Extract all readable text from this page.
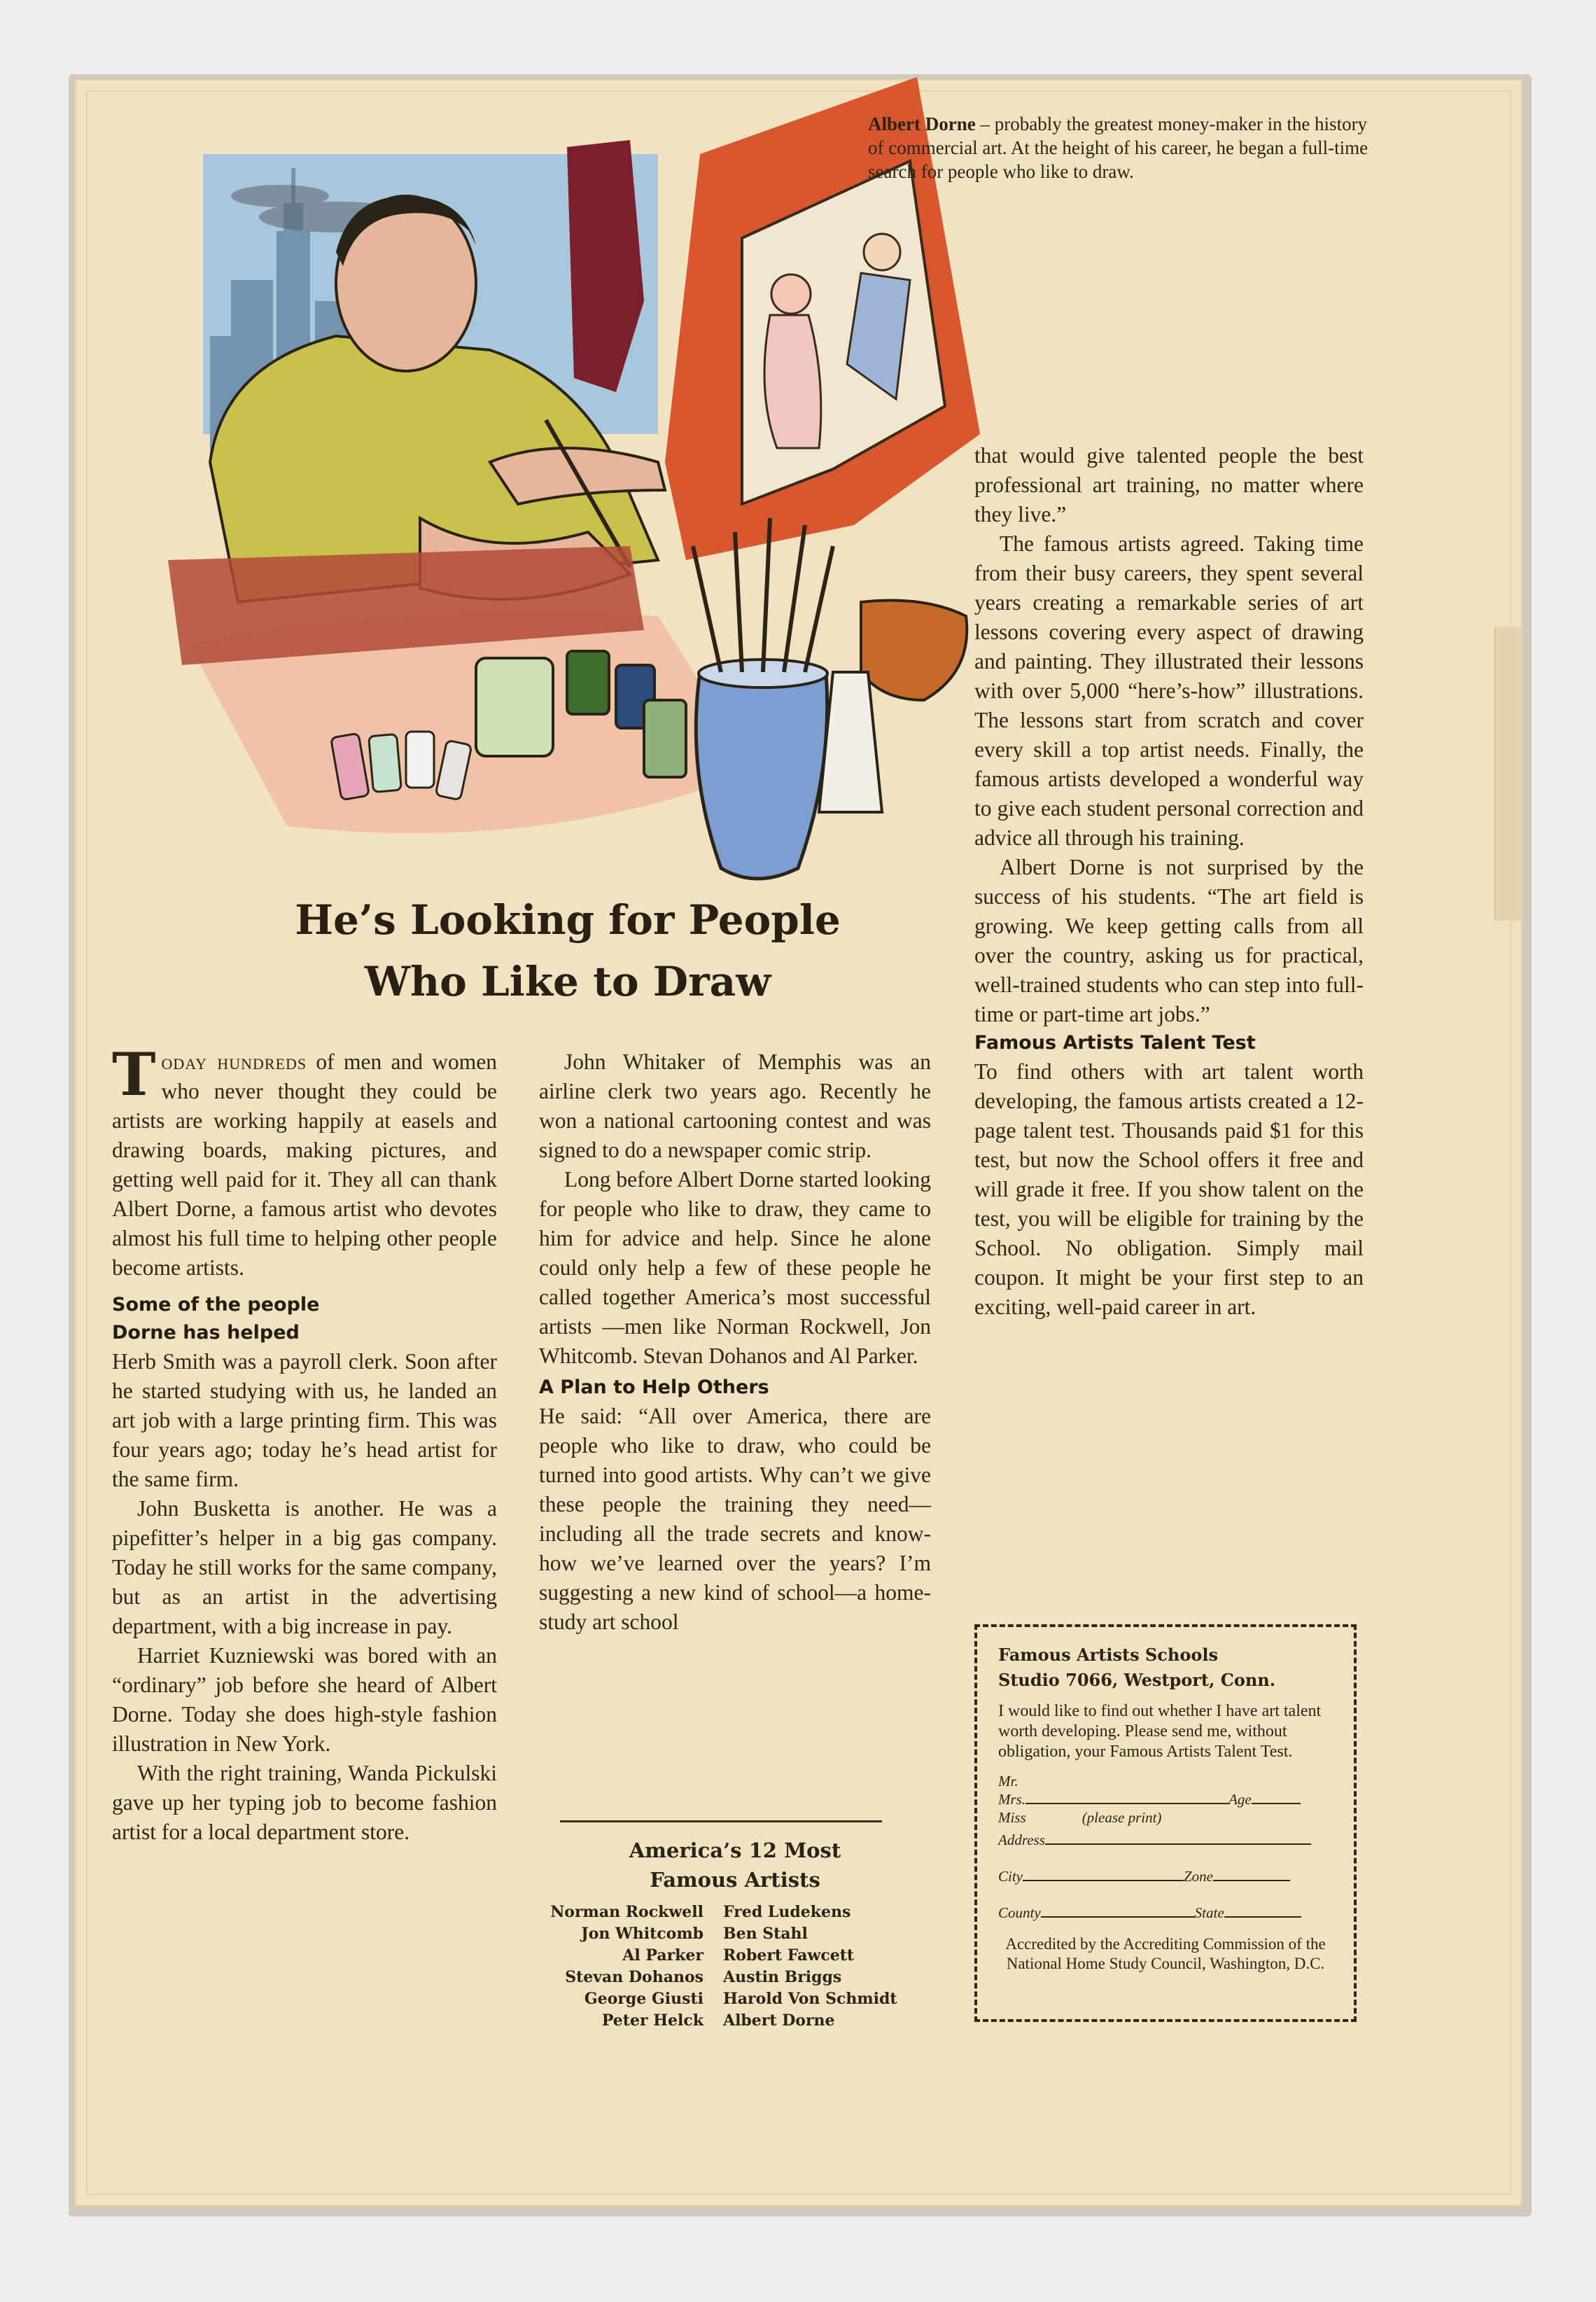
Albert Dorne – probably the greatest money-maker in the history of commercial art. At the height of his career, he began a full-time search for people who like to draw.
He’s Looking for People
Who Like to Draw

Today hundreds of men and women who never thought they could be artists are working happily at easels and drawing boards, making pictures, and getting well paid for it. They all can thank Albert Dorne, a famous artist who devotes almost his full time to helping other people become artists.

Some of the people
Dorne has helped

Herb Smith was a payroll clerk. Soon after he started studying with us, he landed an art job with a large printing firm. This was four years ago; today he’s head artist for the same firm.

John Busketta is another. He was a pipefitter’s helper in a big gas company. Today he still works for the same company, but as an artist in the advertising department, with a big increase in pay.

Harriet Kuzniewski was bored with an “ordinary” job before she heard of Albert Dorne. Today she does high-style fashion illustration in New York.

With the right training, Wanda Pickulski gave up her typing job to become fashion artist for a local department store.

John Whitaker of Memphis was an airline clerk two years ago. Recently he won a national cartooning contest and was signed to do a newspaper comic strip.

Long before Albert Dorne started looking for people who like to draw, they came to him for advice and help. Since he alone could only help a few of these people he called together America’s most successful artists —men like Norman Rockwell, Jon Whitcomb. Stevan Dohanos and Al Parker.

A Plan to Help Others

He said: “All over America, there are people who like to draw, who could be turned into good artists. Why can’t we give these people the training they need—including all the trade secrets and know-how we’ve learned over the years? I’m suggesting a new kind of school—a home-study art school

America’s 12 Most
Famous Artists
Norman Rockwell	Fred Ludekens
Jon Whitcomb	Ben Stahl
Al Parker	Robert Fawcett
Stevan Dohanos	Austin Briggs
George Giusti	Harold Von Schmidt
Peter Helck	Albert Dorne

that would give talented people the best professional art training, no matter where they live.”

The famous artists agreed. Taking time from their busy careers, they spent several years creating a remarkable series of art lessons covering every aspect of drawing and painting. They illustrated their lessons with over 5,000 “here’s-how” illustrations. The lessons start from scratch and cover every skill a top artist needs. Finally, the famous artists developed a wonderful way to give each student personal correction and advice all through his training.

Albert Dorne is not surprised by the success of his students. “The art field is growing. We keep getting calls from all over the country, asking us for practical, well-trained students who can step into full-time or part-time art jobs.”

Famous Artists Talent Test

To find others with art talent worth developing, the famous artists created a 12-page talent test. Thousands paid $1 for this test, but now the School offers it free and will grade it free. If you show talent on the test, you will be eligible for training by the School. No obligation. Simply mail coupon. It might be your first step to an exciting, well-paid career in art.

Famous Artists Schools
Studio 7066, Westport, Conn.
I would like to find out whether I have art talent worth developing. Please send me, without obligation, your Famous Artists Talent Test.
Mr.
Mrs.	Age
Miss	(please print)
Address
City	Zone
County	State
Accredited by the Accrediting Commission of the National Home Study Council, Washington, D.C.
